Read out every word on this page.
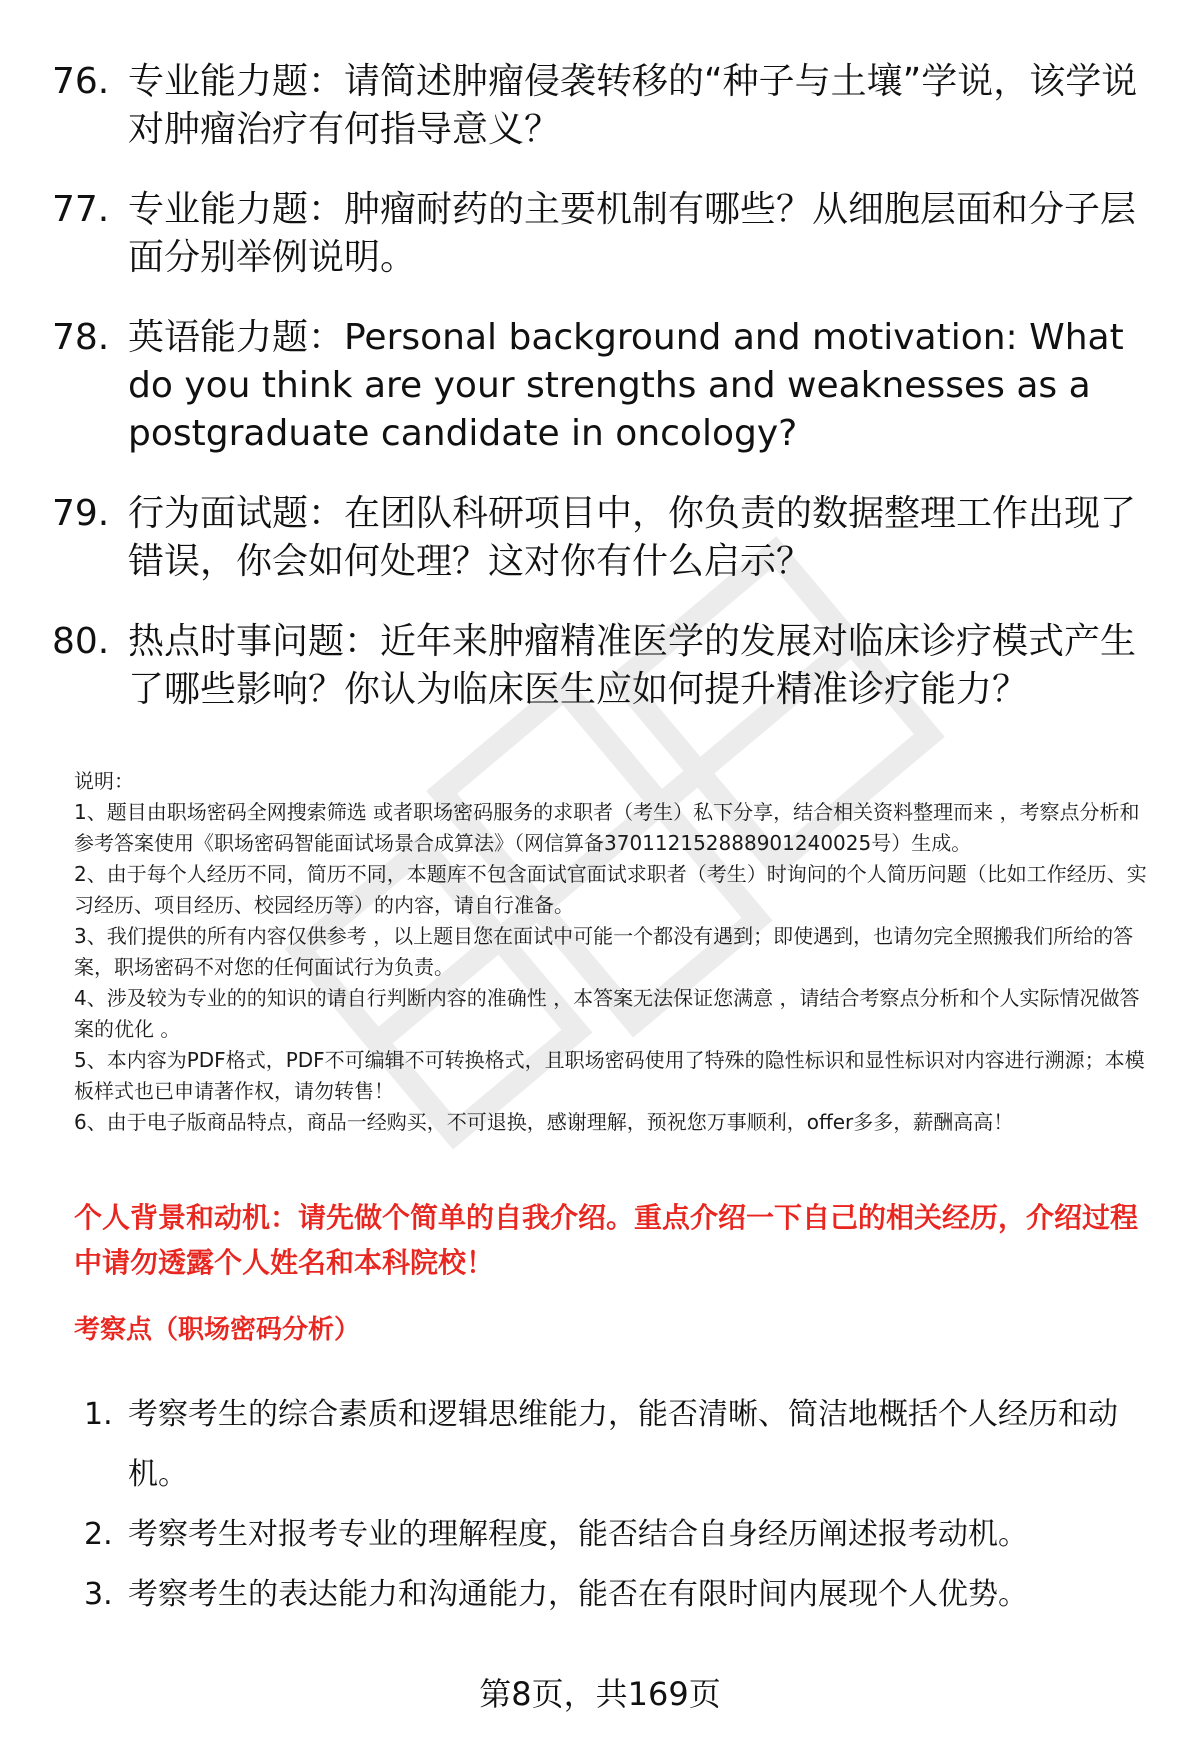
76. 专业能力题：请简述肿瘤侵袭转移的“种子与土壤”学说，该学说对肿瘤治疗有何指导意义？
77. 专业能力题：肿瘤耐药的主要机制有哪些？从细胞层面和分子层面分别举例说明。
78. 英语能力题：Personal background and motivation: What do you think are your strengths and weaknesses as a postgraduate candidate in oncology?
79. 行为面试题：在团队科研项目中，你负责的数据整理工作出现了错误，你会如何处理？这对你有什么启示？
80. 热点时事问题：近年来肿瘤精准医学的发展对临床诊疗模式产生了哪些影响？你认为临床医生应如何提升精准诊疗能力？

说明：

1、题目由职场密码全网搜索筛选 或者职场密码服务的求职者（考生）私下分享，结合相关资料整理而来 ，考察点分析和参考答案使用《职场密码智能面试场景合成算法》（网信算备370112152888901240025号）生成。

2、由于每个人经历不同，简历不同，本题库不包含面试官面试求职者（考生）时询问的个人简历问题（比如工作经历、实习经历、项目经历、校园经历等）的内容，请自行准备。

3、我们提供的所有内容仅供参考 ，以上题目您在面试中可能一个都没有遇到；即使遇到，也请勿完全照搬我们所给的答案，职场密码不对您的任何面试行为负责。

4、涉及较为专业的的知识的请自行判断内容的准确性 ，本答案无法保证您满意 ，请结合考察点分析和个人实际情况做答案的优化 。

5、本内容为PDF格式，PDF不可编辑不可转换格式，且职场密码使用了特殊的隐性标识和显性标识对内容进行溯源；本模板样式也已申请著作权，请勿转售！

6、由于电子版商品特点，商品一经购买，不可退换，感谢理解，预祝您万事顺利，offer多多，薪酬高高！

个人背景和动机：请先做个简单的自我介绍。重点介绍一下自己的相关经历，介绍过程中请勿透露个人姓名和本科院校！
考察点（职场密码分析）
1. 考察考生的综合素质和逻辑思维能力，能否清晰、简洁地概括个人经历和动机。
2. 考察考生对报考专业的理解程度，能否结合自身经历阐述报考动机。
3. 考察考生的表达能力和沟通能力，能否在有限时间内展现个人优势。
第8页，共169页
